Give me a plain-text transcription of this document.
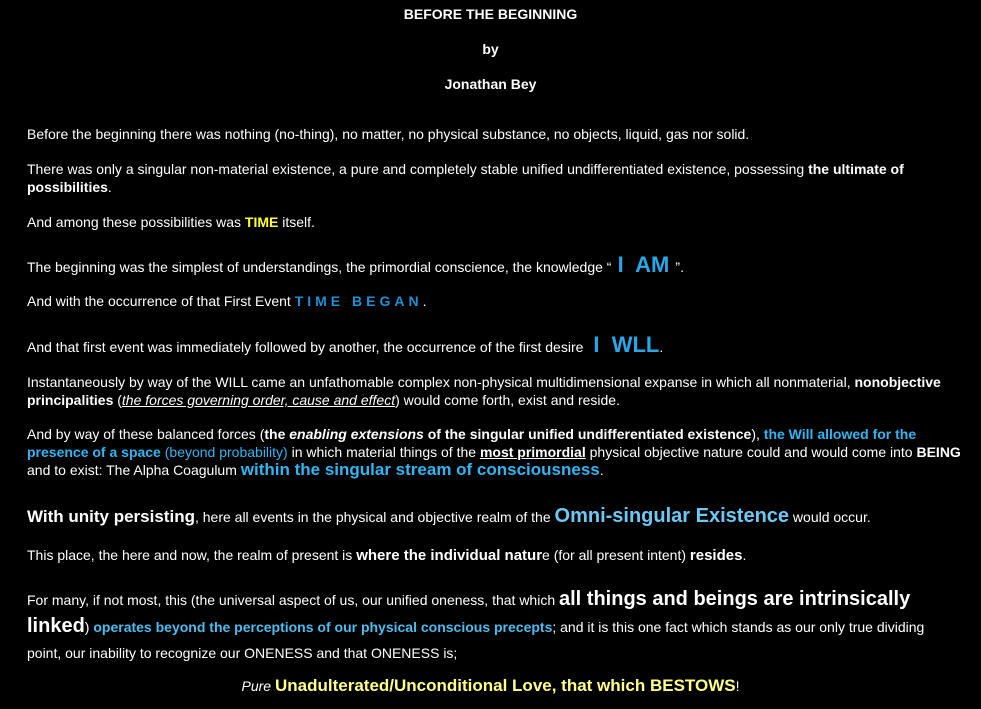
BEFORE THE BEGINNING
by
Jonathan Bey
Before the beginning there was nothing (no-thing), no matter, no physical substance, no objects, liquid, gas nor solid.
There was only a singular non-material existence, a pure and completely stable unified undifferentiated existence, possessing the ultimate of possibilities.
And among these possibilities was TIME itself.
The beginning was the simplest of understandings, the primordial conscience, the knowledge “ I  AM ”.
And with the occurrence of that First Event TIME BEGAN.
And that first event was immediately followed by another, the occurrence of the first desire  I  WLL.
Instantaneously by way of the WILL came an unfathomable complex non-physical multidimensional expanse in which all nonmaterial, nonobjective principalities (the forces governing order, cause and effect) would come forth, exist and reside.
And by way of these balanced forces (the enabling extensions of the singular unified undifferentiated existence), the Will allowed for the presence of a space (beyond probability) in which material things of the most primordial physical objective nature could and would come into BEING and to exist: The Alpha Coagulum within the singular stream of consciousness.
With unity persisting, here all events in the physical and objective realm of the Omni-singular Existence would occur.
This place, the here and now, the realm of present is where the individual nature (for all present intent) resides.
For many, if not most, this (the universal aspect of us, our unified oneness, that which all things and beings are intrinsically linked) operates beyond the perceptions of our physical conscious precepts; and it is this one fact which stands as our only true dividing point, our inability to recognize our ONENESS and that ONENESS is;
Pure Unadulterated/Unconditional Love, that which BESTOWS!
